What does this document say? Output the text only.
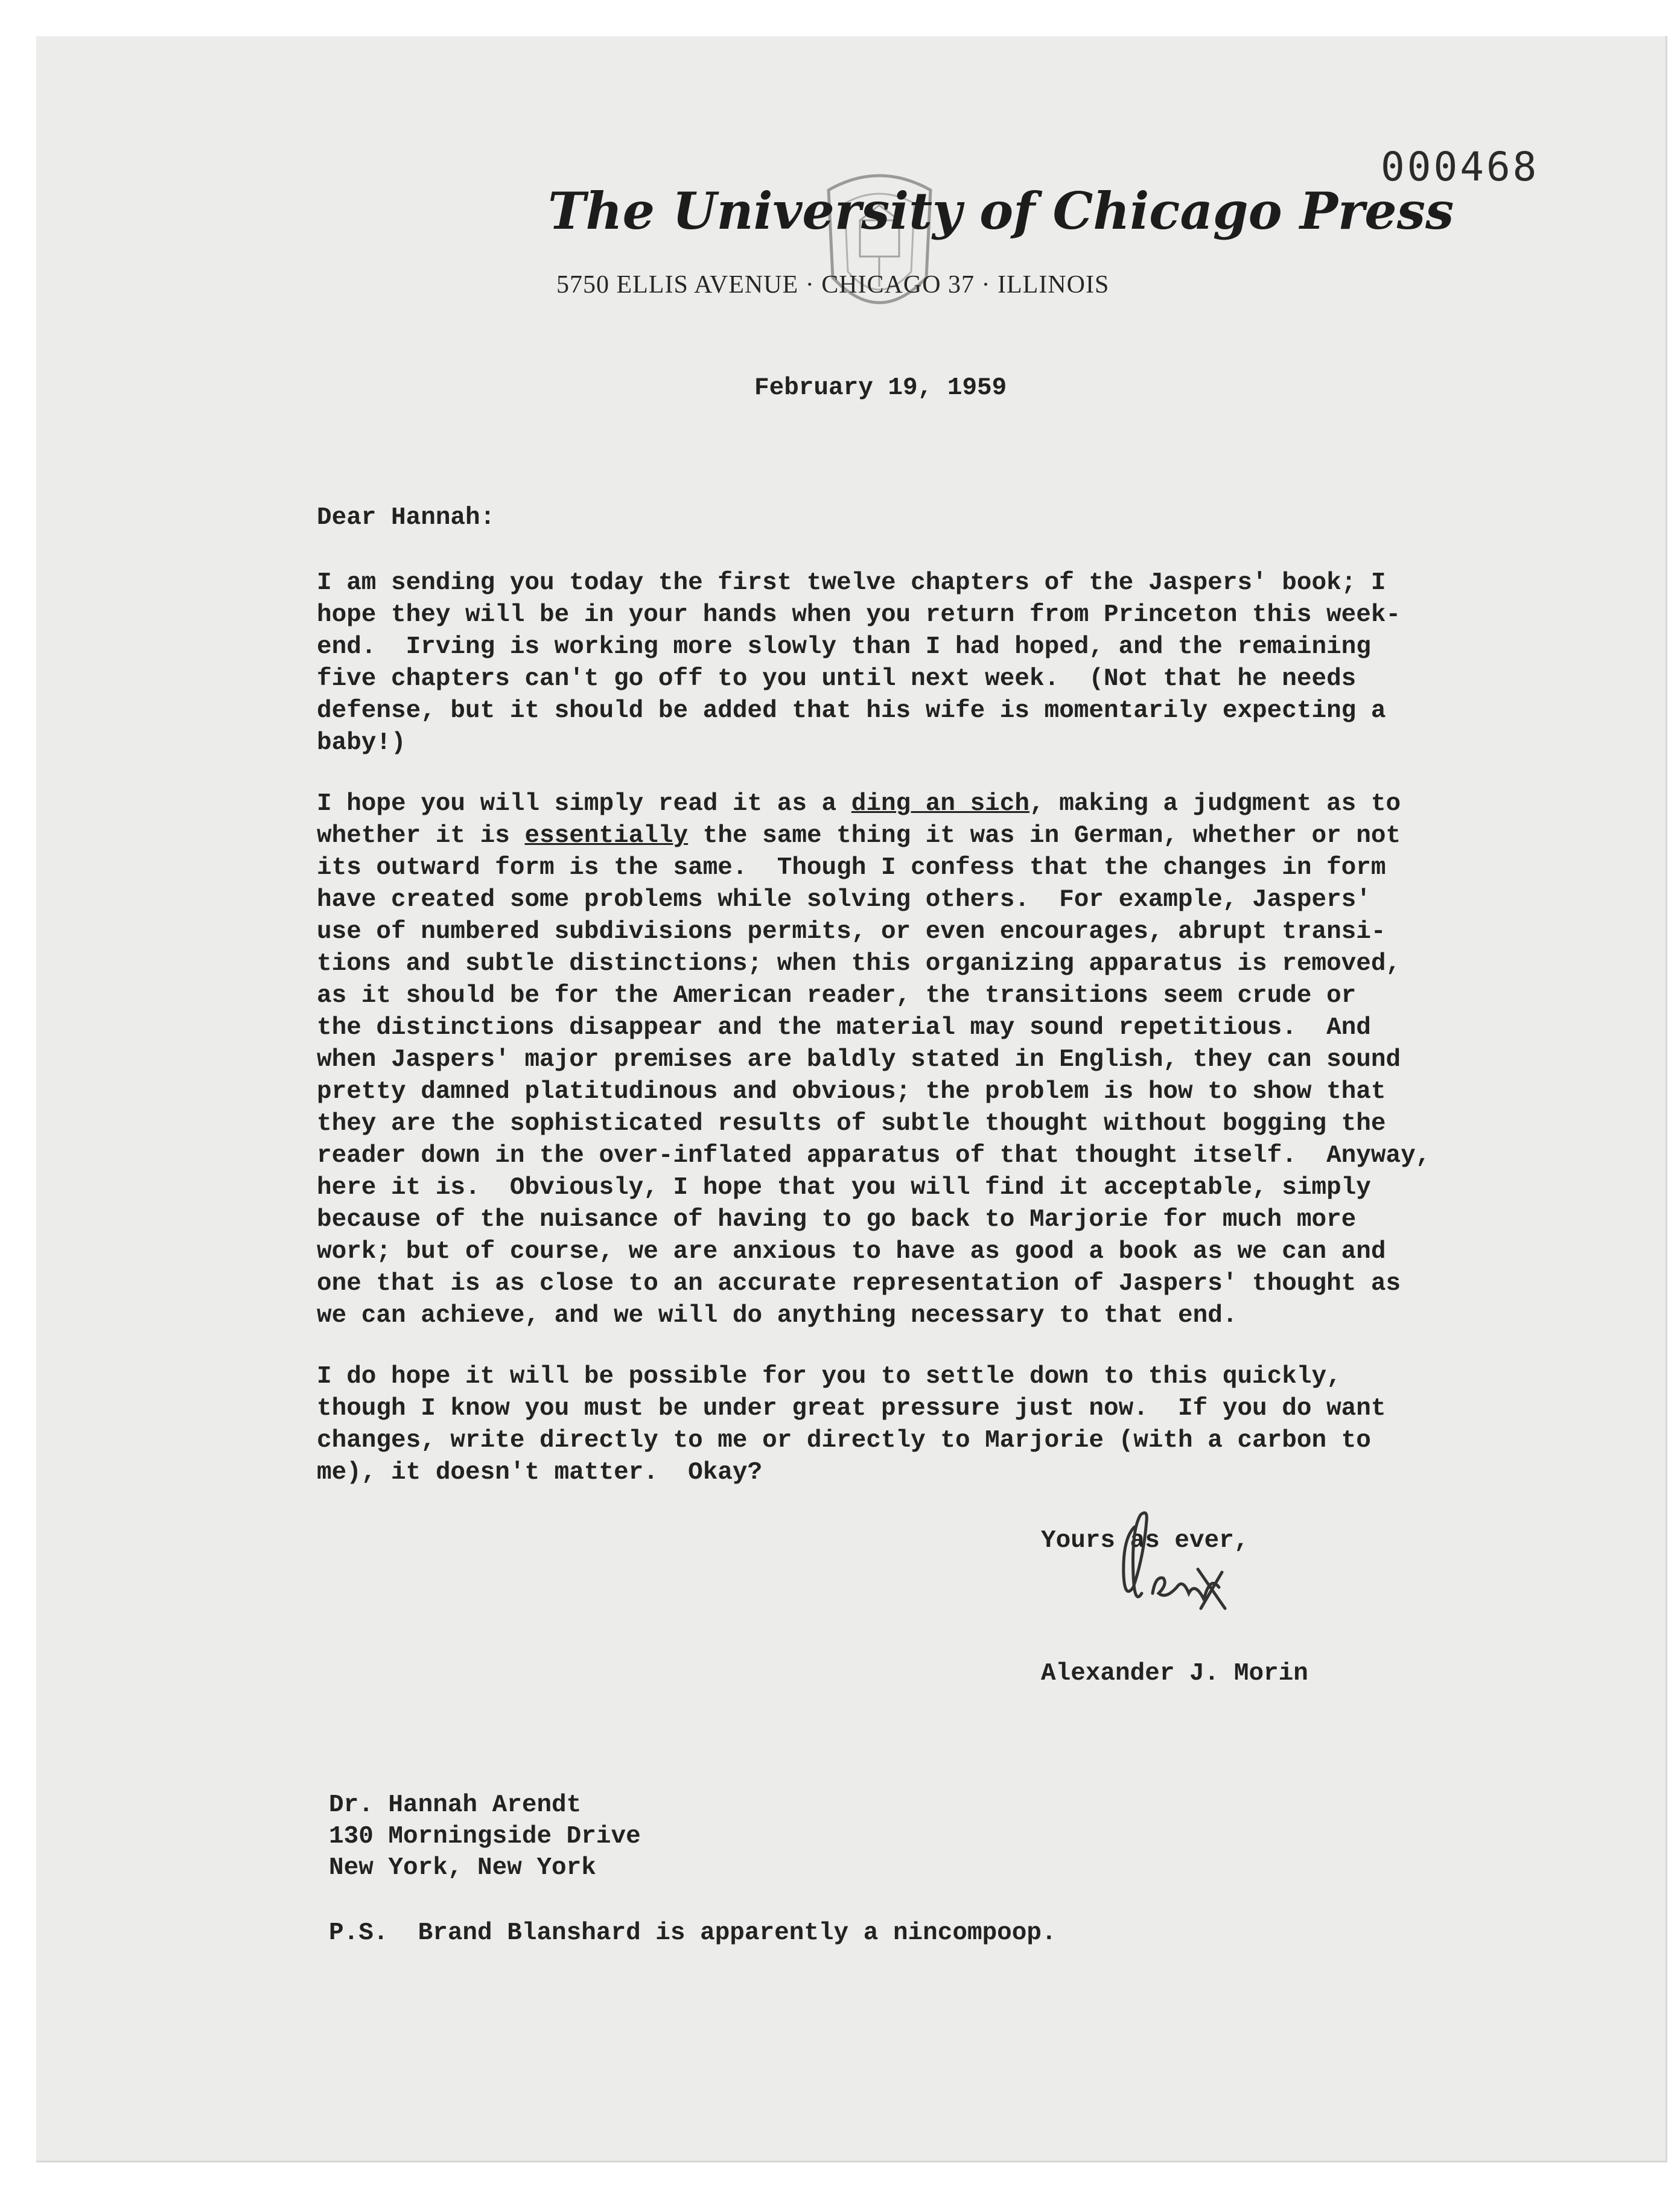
000468
The University of Chicago Press
5750 ELLIS AVENUE · CHICAGO 37 · ILLINOIS
February 19, 1959
Dear Hannah:
I am sending you today the first twelve chapters of the Jaspers' book; I
hope they will be in your hands when you return from Princeton this week-
end.  Irving is working more slowly than I had hoped, and the remaining
five chapters can't go off to you until next week.  (Not that he needs
defense, but it should be added that his wife is momentarily expecting a
baby!)
I hope you will simply read it as a ding an sich, making a judgment as to
whether it is essentially the same thing it was in German, whether or not
its outward form is the same.  Though I confess that the changes in form
have created some problems while solving others.  For example, Jaspers'
use of numbered subdivisions permits, or even encourages, abrupt transi-
tions and subtle distinctions; when this organizing apparatus is removed,
as it should be for the American reader, the transitions seem crude or
the distinctions disappear and the material may sound repetitious.  And
when Jaspers' major premises are baldly stated in English, they can sound
pretty damned platitudinous and obvious; the problem is how to show that
they are the sophisticated results of subtle thought without bogging the
reader down in the over-inflated apparatus of that thought itself.  Anyway,
here it is.  Obviously, I hope that you will find it acceptable, simply
because of the nuisance of having to go back to Marjorie for much more
work; but of course, we are anxious to have as good a book as we can and
one that is as close to an accurate representation of Jaspers' thought as
we can achieve, and we will do anything necessary to that end.
I do hope it will be possible for you to settle down to this quickly,
though I know you must be under great pressure just now.  If you do want
changes, write directly to me or directly to Marjorie (with a carbon to
me), it doesn't matter.  Okay?
Yours as ever,
Alexander J. Morin
Dr. Hannah Arendt
130 Morningside Drive
New York, New York
P.S.  Brand Blanshard is apparently a nincompoop.
